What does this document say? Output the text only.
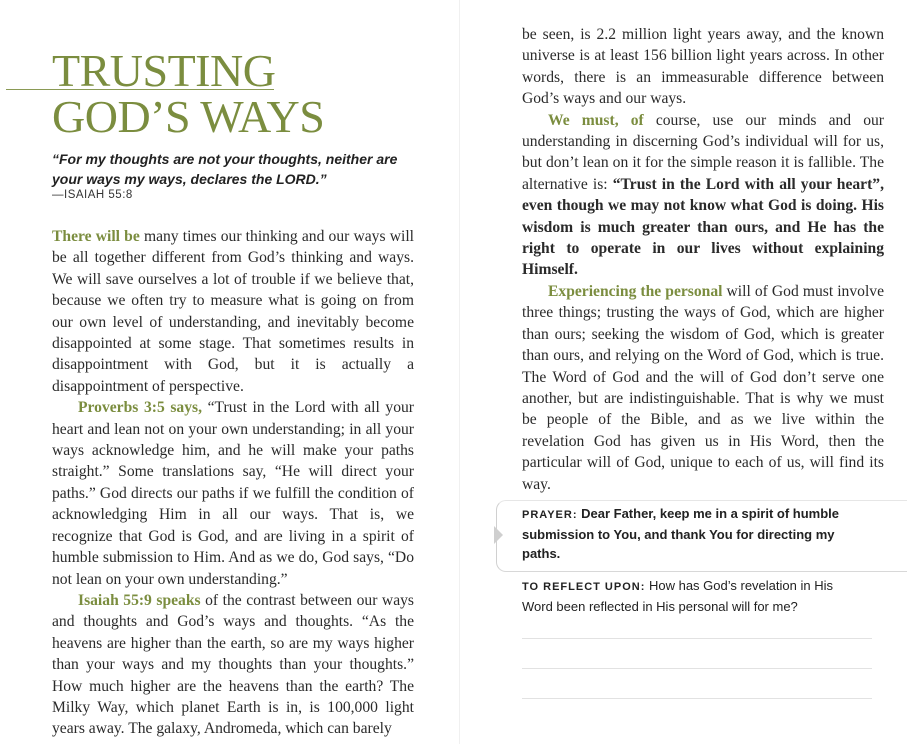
TRUSTING
GOD’S WAYS
“For my thoughts are not your thoughts, neither are your ways my ways, declares the LORD.”
—ISAIAH 55:8

There will be many times our thinking and our ways will be all together different from God’s thinking and ways. We will save ourselves a lot of trouble if we believe that, because we often try to measure what is going on from our own level of understanding, and inevitably become disappointed at some stage. That sometimes results in disappointment with God, but it is actually a disappointment of perspective.
Proverbs 3:5 says, “Trust in the Lord with all your heart and lean not on your own understanding; in all your ways acknowledge him, and he will make your paths straight.” Some translations say, “He will direct your paths.” God directs our paths if we fulfill the condition of acknowledging Him in all our ways. That is, we recognize that God is God, and are living in a spirit of humble submission to Him. And as we do, God says, “Do not lean on your own understanding.”
Isaiah 55:9 speaks of the contrast between our ways and thoughts and God’s ways and thoughts. “As the heavens are higher than the earth, so are my ways higher than your ways and my thoughts than your thoughts.” How much higher are the heavens than the earth? The Milky Way, which planet Earth is in, is 100,000 light years away. The galaxy, Andromeda, which can barely

be seen, is 2.2 million light years away, and the known universe is at least 156 billion light years across. In other words, there is an immeasurable difference between God’s ways and our ways.
We must, of course, use our minds and our understanding in discerning God’s individual will for us, but don’t lean on it for the simple reason it is fallible. The alternative is: “Trust in the Lord with all your heart”, even though we may not know what God is doing. His wisdom is much greater than ours, and He has the right to operate in our lives without explaining Himself.
Experiencing the personal will of God must involve three things; trusting the ways of God, which are higher than ours; seeking the wisdom of God, which is greater than ours, and relying on the Word of God, which is true. The Word of God and the will of God don’t serve one another, but are indistinguishable. That is why we must be people of the Bible, and as we live within the revelation God has given us in His Word, then the particular will of God, unique to each of us, will find its way.

PRAYER: Dear Father, keep me in a spirit of humble submission to You, and thank You for directing my paths.
TO REFLECT UPON: How has God’s revelation in His Word been reflected in His personal will for me?
